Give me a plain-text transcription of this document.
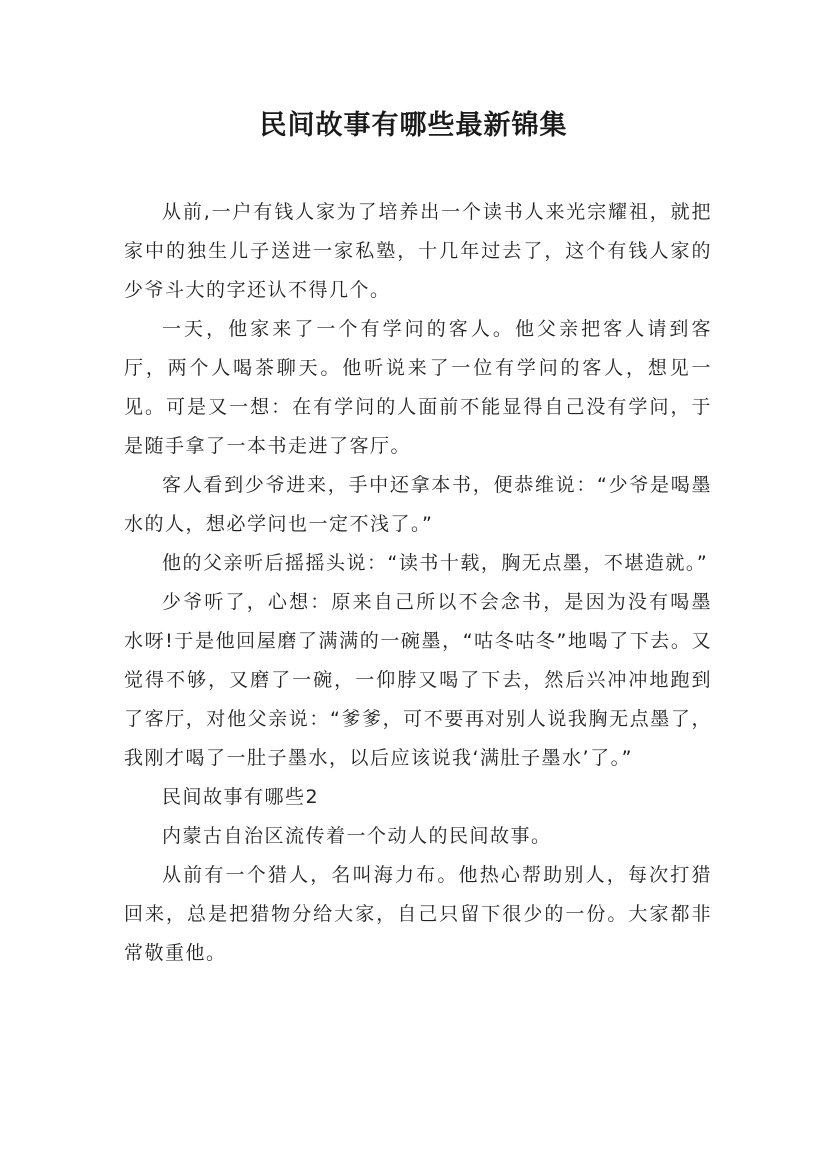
民间故事有哪些最新锦集

从前,一户有钱人家为了培养出一个读书人来光宗耀祖，就把家中的独生儿子送进一家私塾，十几年过去了，这个有钱人家的少爷斗大的字还认不得几个。

一天，他家来了一个有学问的客人。他父亲把客人请到客厅，两个人喝茶聊天。他听说来了一位有学问的客人，想见一见。可是又一想：在有学问的人面前不能显得自己没有学问，于是随手拿了一本书走进了客厅。

客人看到少爷进来，手中还拿本书，便恭维说：“少爷是喝墨水的人，想必学问也一定不浅了。”

他的父亲听后摇摇头说：“读书十载，胸无点墨，不堪造就。”

少爷听了，心想：原来自己所以不会念书，是因为没有喝墨水呀!于是他回屋磨了满满的一碗墨，“咕冬咕冬”地喝了下去。又觉得不够，又磨了一碗，一仰脖又喝了下去，然后兴冲冲地跑到了客厅，对他父亲说：“爹爹，可不要再对别人说我胸无点墨了，我刚才喝了一肚子墨水，以后应该说我‘满肚子墨水’了。”

民间故事有哪些2

内蒙古自治区流传着一个动人的民间故事。

从前有一个猎人，名叫海力布。他热心帮助别人，每次打猎回来，总是把猎物分给大家，自己只留下很少的一份。大家都非常敬重他。
